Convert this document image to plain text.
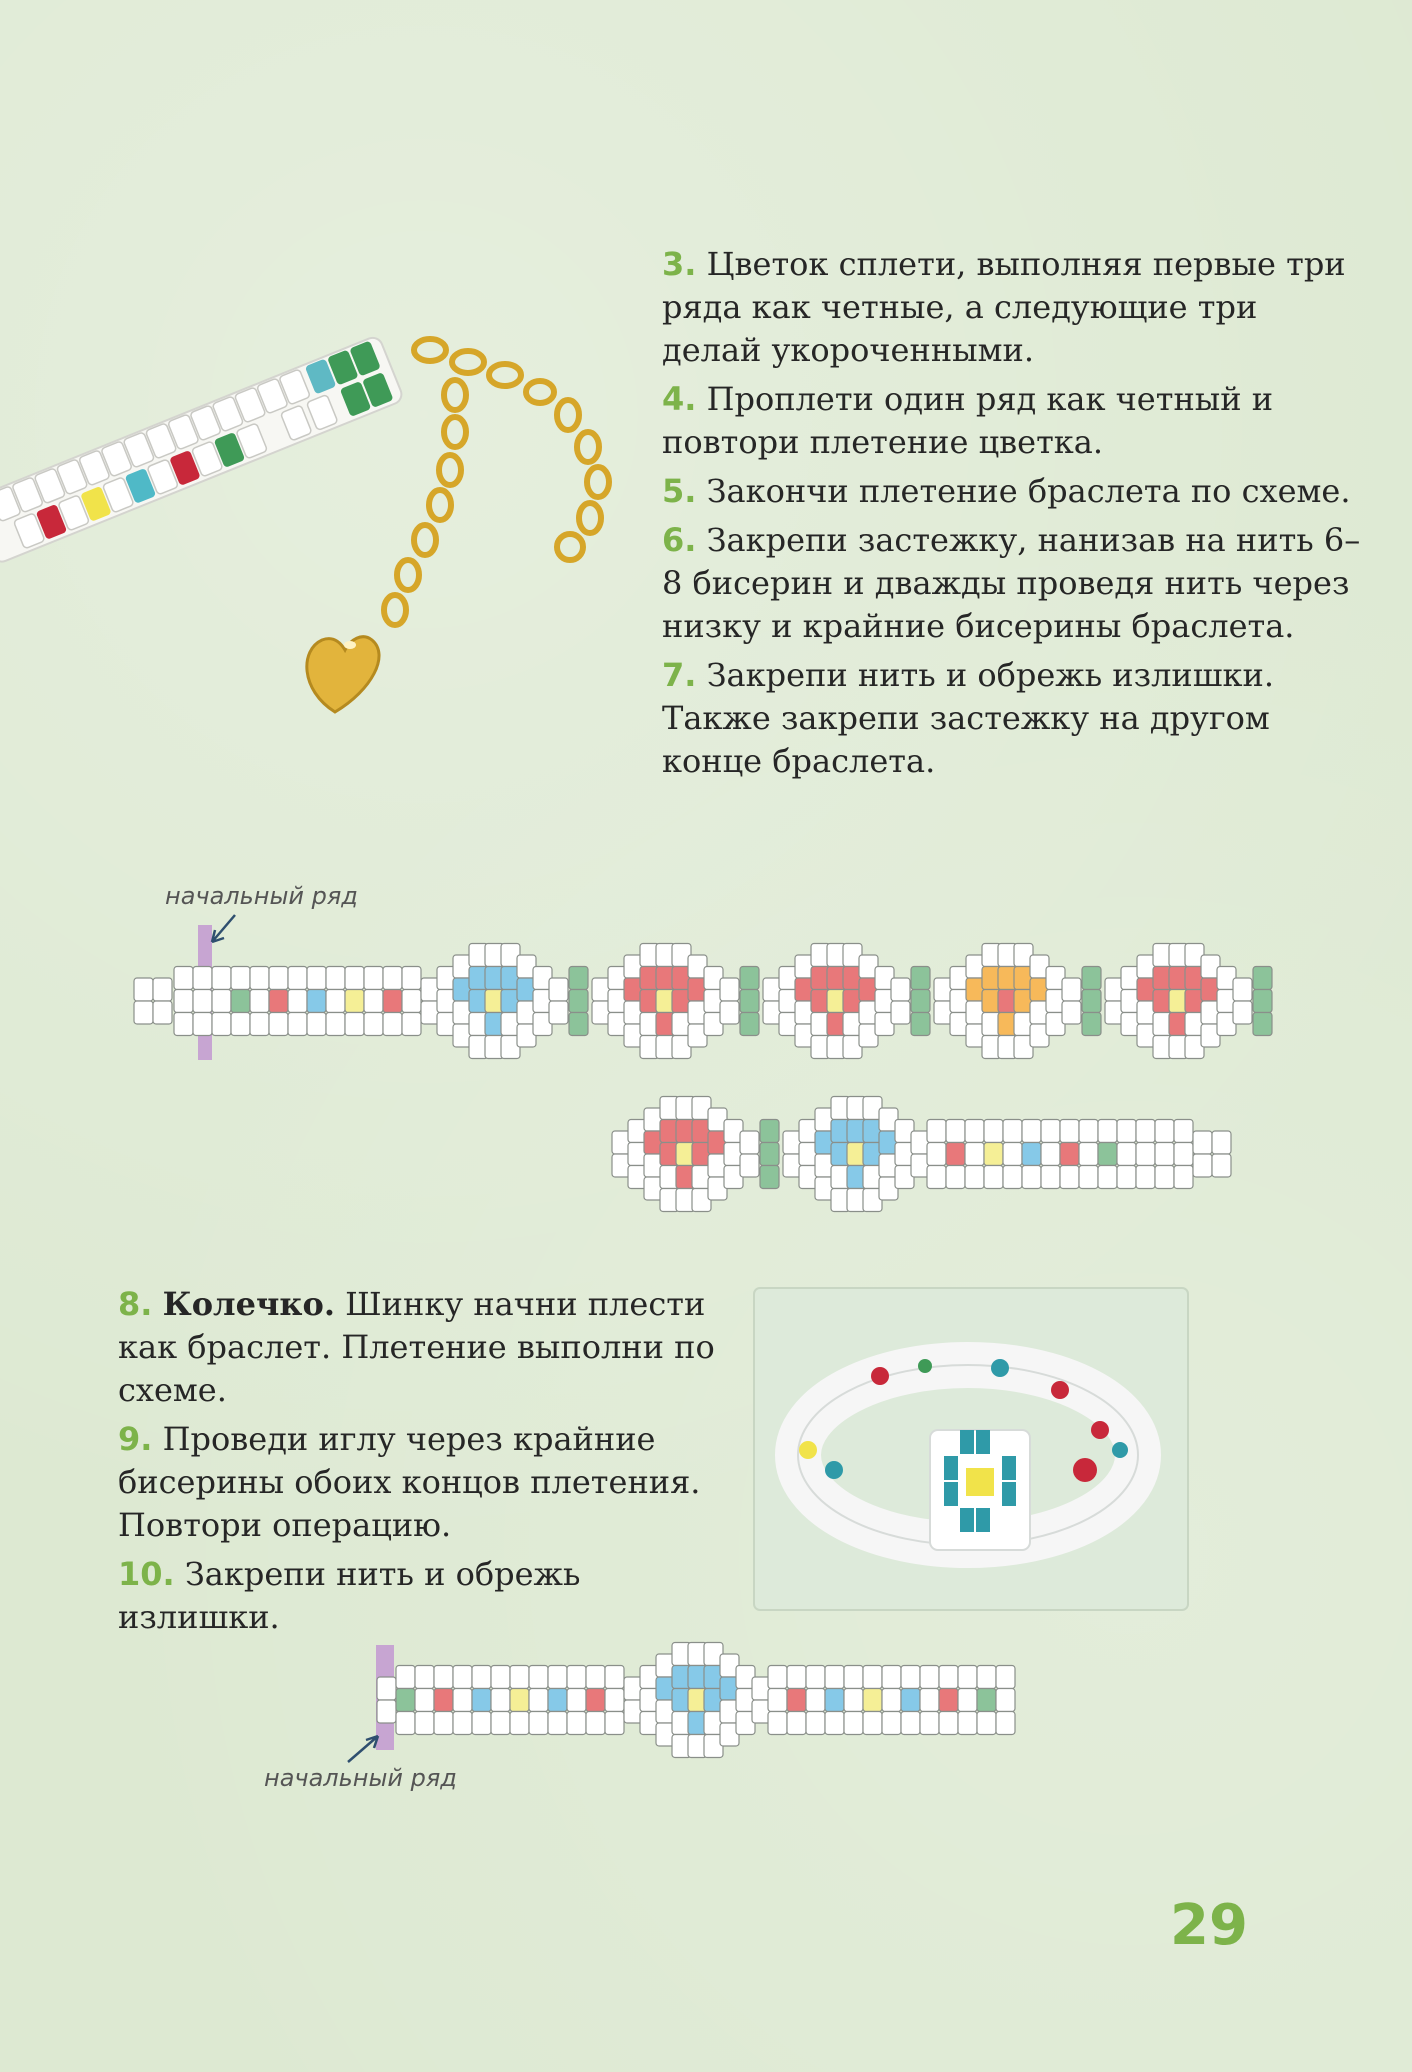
3. Цветок сплети, выполняя первые три ряда как четные, а следующие три делай укороченными.
4. Проплети один ряд как четный и повтори плетение цветка.
5. Закончи плетение браслета по схеме.
6. Закрепи застежку, нанизав на нить 6–8 бисерин и дважды проведя нить через низку и крайние бисерины браслета.
7. Закрепи нить и обрежь излишки. Также закрепи застежку на другом конце браслета.
начальный ряд
8. Колечко. Шинку начни плести как браслет. Плетение выполни по схеме.
9. Проведи иглу через крайние бисерины обоих концов плетения. Повтори операцию.
10. Закрепи нить и обрежь излишки.
начальный ряд
29
